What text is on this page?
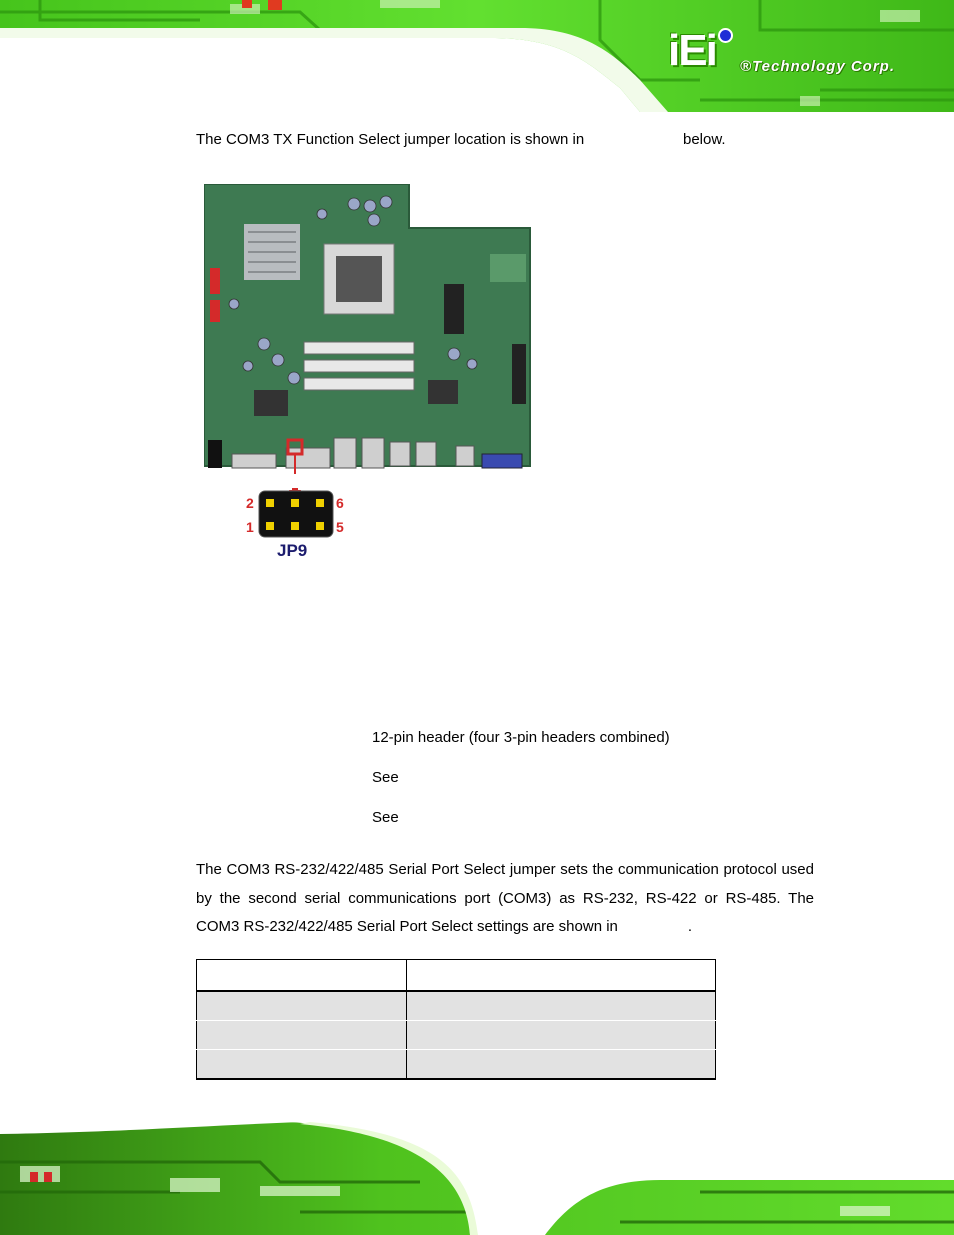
iEi ®Technology Corp.
The COM3 TX Function Select jumper location is shown in	below.
2
1
6
5
JP9
12-pin header (four 3-pin headers combined)
See
See
The COM3 RS-232/422/485 Serial Port Select jumper sets the communication protocol used by the second serial communications port (COM3) as RS-232, RS-422 or RS-485. The COM3 RS-232/422/485 Serial Port Select settings are shown in	.
